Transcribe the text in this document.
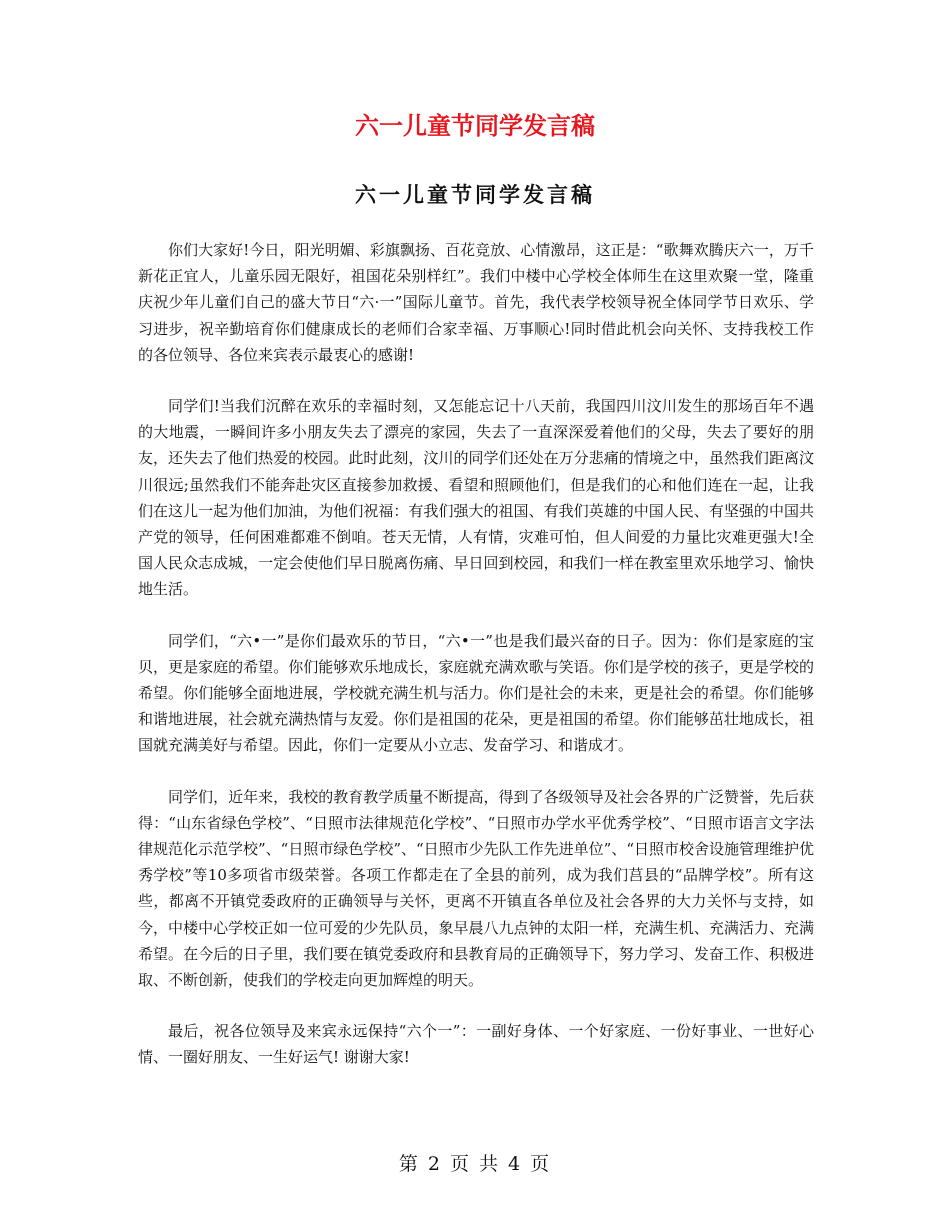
六一儿童节同学发言稿
六一儿童节同学发言稿

你们大家好!今日，阳光明媚、彩旗飘扬、百花竞放、心情激昂，这正是：“歌舞欢腾庆六一，万千新花正宜人，儿童乐园无限好，祖国花朵别样红”。我们中楼中心学校全体师生在这里欢聚一堂，隆重庆祝少年儿童们自己的盛大节日“六·一”国际儿童节。首先，我代表学校领导祝全体同学节日欢乐、学习进步，祝辛勤培育你们健康成长的老师们合家幸福、万事顺心!同时借此机会向关怀、支持我校工作的各位领导、各位来宾表示最衷心的感谢!

同学们!当我们沉醉在欢乐的幸福时刻，又怎能忘记十八天前，我国四川汶川发生的那场百年不遇的大地震，一瞬间许多小朋友失去了漂亮的家园，失去了一直深深爱着他们的父母，失去了要好的朋友，还失去了他们热爱的校园。此时此刻，汶川的同学们还处在万分悲痛的情境之中，虽然我们距离汶川很远;虽然我们不能奔赴灾区直接参加救援、看望和照顾他们，但是我们的心和他们连在一起，让我们在这儿一起为他们加油，为他们祝福：有我们强大的祖国、有我们英雄的中国人民、有坚强的中国共产党的领导，任何困难都难不倒咱。苍天无情，人有情，灾难可怕，但人间爱的力量比灾难更强大!全国人民众志成城，一定会使他们早日脱离伤痛、早日回到校园，和我们一样在教室里欢乐地学习、愉快地生活。

同学们，“六•一”是你们最欢乐的节日，“六•一”也是我们最兴奋的日子。因为：你们是家庭的宝贝，更是家庭的希望。你们能够欢乐地成长，家庭就充满欢歌与笑语。你们是学校的孩子，更是学校的希望。你们能够全面地进展，学校就充满生机与活力。你们是社会的未来，更是社会的希望。你们能够和谐地进展，社会就充满热情与友爱。你们是祖国的花朵，更是祖国的希望。你们能够茁壮地成长，祖国就充满美好与希望。因此，你们一定要从小立志、发奋学习、和谐成才。

同学们，近年来，我校的教育教学质量不断提高，得到了各级领导及社会各界的广泛赞誉，先后获得：“山东省绿色学校”、“日照市法律规范化学校”、“日照市办学水平优秀学校”、“日照市语言文字法律规范化示范学校”、“日照市绿色学校”、“日照市少先队工作先进单位”、“日照市校舍设施管理维护优秀学校”等10多项省市级荣誉。各项工作都走在了全县的前列，成为我们莒县的“品牌学校”。所有这些，都离不开镇党委政府的正确领导与关怀，更离不开镇直各单位及社会各界的大力关怀与支持，如今，中楼中心学校正如一位可爱的少先队员，象早晨八九点钟的太阳一样，充满生机、充满活力、充满希望。在今后的日子里，我们要在镇党委政府和县教育局的正确领导下，努力学习、发奋工作、积极进取、不断创新，使我们的学校走向更加辉煌的明天。

最后，祝各位领导及来宾永远保持“六个一”：一副好身体、一个好家庭、一份好事业、一世好心情、一圈好朋友、一生好运气! 谢谢大家!

第 2 页 共 4 页
